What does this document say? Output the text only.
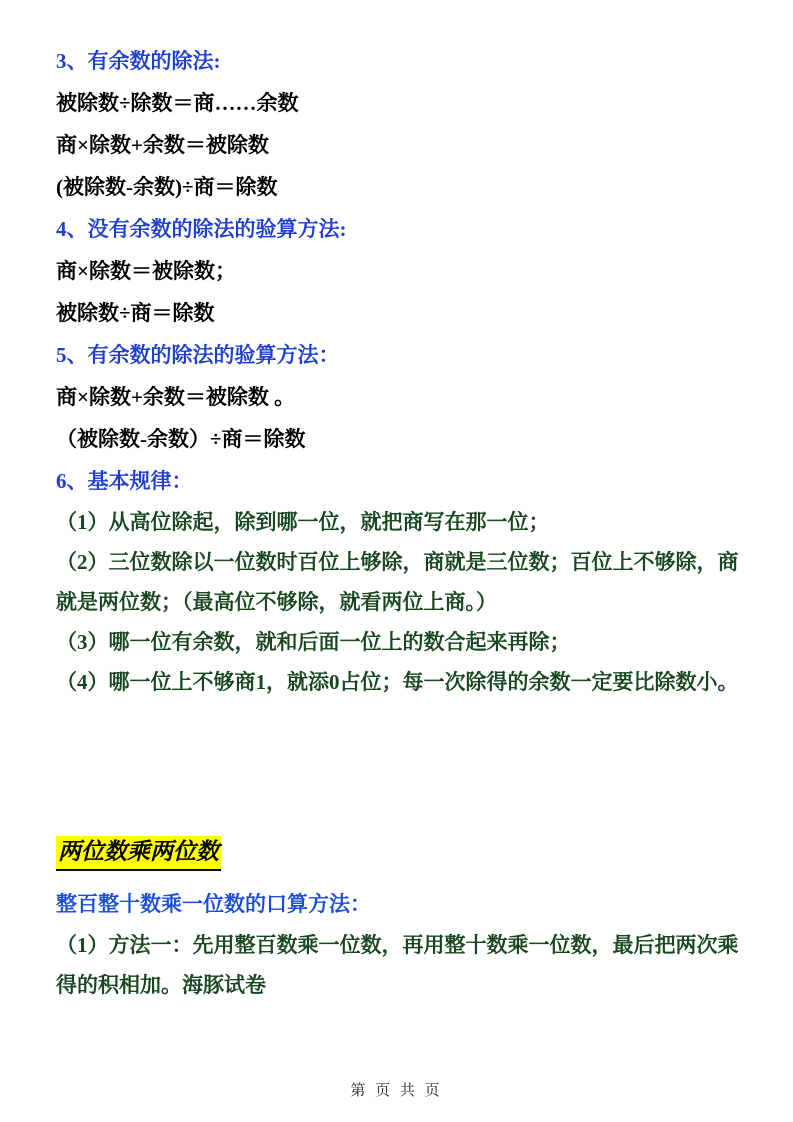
3、有余数的除法:
被除数÷除数＝商……余数
商×除数+余数＝被除数
(被除数-余数)÷商＝除数
4、没有余数的除法的验算方法:
商×除数＝被除数；
被除数÷商＝除数
5、有余数的除法的验算方法：
商×除数+余数＝被除数 。
（被除数-余数）÷商＝除数
6、基本规律：
（1）从高位除起，除到哪一位，就把商写在那一位；
（2）三位数除以一位数时百位上够除，商就是三位数；百位上不够除，商就是两位数；（最高位不够除，就看两位上商。）
（3）哪一位有余数，就和后面一位上的数合起来再除；
（4）哪一位上不够商1，就添0占位；每一次除得的余数一定要比除数小。
两位数乘两位数
整百整十数乘一位数的口算方法：
（1）方法一：先用整百数乘一位数，再用整十数乘一位数，最后把两次乘得的积相加。海豚试卷
第 页 共 页
